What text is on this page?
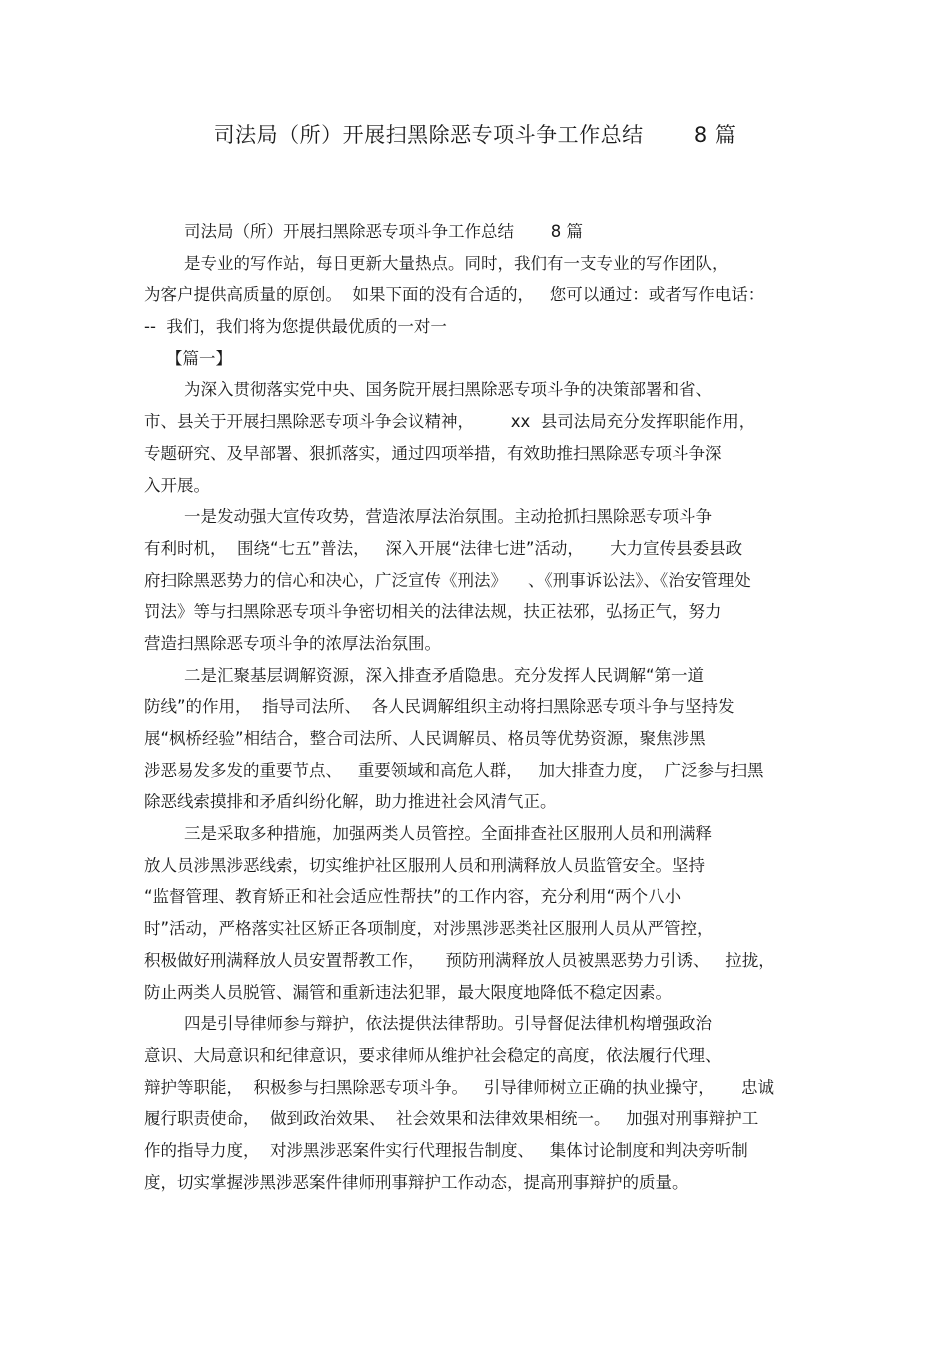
司法局（所）开展扫黑除恶专项斗争工作总结       8 篇
司法局（所）开展扫黑除恶专项斗争工作总结       8 篇
是专业的写作站，每日更新大量热点。同时，我们有一支专业的写作团队，
为客户提供高质量的原创。  如果下面的没有合适的，   您可以通过：或者写作电话：
--  我们，我们将为您提供最优质的一对一
【篇一】
为深入贯彻落实党中央、国务院开展扫黑除恶专项斗争的决策部署和省、
市、县关于开展扫黑除恶专项斗争会议精神，       xx  县司法局充分发挥职能作用，
专题研究、及早部署、狠抓落实，通过四项举措，有效助推扫黑除恶专项斗争深
入开展。
一是发动强大宣传攻势，营造浓厚法治氛围。主动抢抓扫黑除恶专项斗争
有利时机，  围绕“七五”普法，   深入开展“法律七进”活动，     大力宣传县委县政
府扫除黑恶势力的信心和决心，广泛宣传《刑法》    、《刑事诉讼法》、《治安管理处
罚法》等与扫黑除恶专项斗争密切相关的法律法规，扶正祛邪，弘扬正气，努力
营造扫黑除恶专项斗争的浓厚法治氛围。
二是汇聚基层调解资源，深入排查矛盾隐患。充分发挥人民调解“第一道
防线”的作用，  指导司法所、  各人民调解组织主动将扫黑除恶专项斗争与坚持发
展“枫桥经验”相结合，整合司法所、人民调解员、格员等优势资源，聚焦涉黑
涉恶易发多发的重要节点、   重要领域和高危人群，   加大排查力度，  广泛参与扫黑
除恶线索摸排和矛盾纠纷化解，助力推进社会风清气正。
三是采取多种措施，加强两类人员管控。全面排查社区服刑人员和刑满释
放人员涉黑涉恶线索，切实维护社区服刑人员和刑满释放人员监管安全。坚持
“监督管理、教育矫正和社会适应性帮扶”的工作内容，充分利用“两个八小
时”活动，严格落实社区矫正各项制度，对涉黑涉恶类社区服刑人员从严管控，
积极做好刑满释放人员安置帮教工作，    预防刑满释放人员被黑恶势力引诱、   拉拢，
防止两类人员脱管、漏管和重新违法犯罪，最大限度地降低不稳定因素。
四是引导律师参与辩护，依法提供法律帮助。引导督促法律机构增强政治
意识、大局意识和纪律意识，要求律师从维护社会稳定的高度，依法履行代理、
辩护等职能，  积极参与扫黑除恶专项斗争。   引导律师树立正确的执业操守，     忠诚
履行职责使命，  做到政治效果、  社会效果和法律效果相统一。   加强对刑事辩护工
作的指导力度，  对涉黑涉恶案件实行代理报告制度、   集体讨论制度和判决旁听制
度，切实掌握涉黑涉恶案件律师刑事辩护工作动态，提高刑事辩护的质量。
